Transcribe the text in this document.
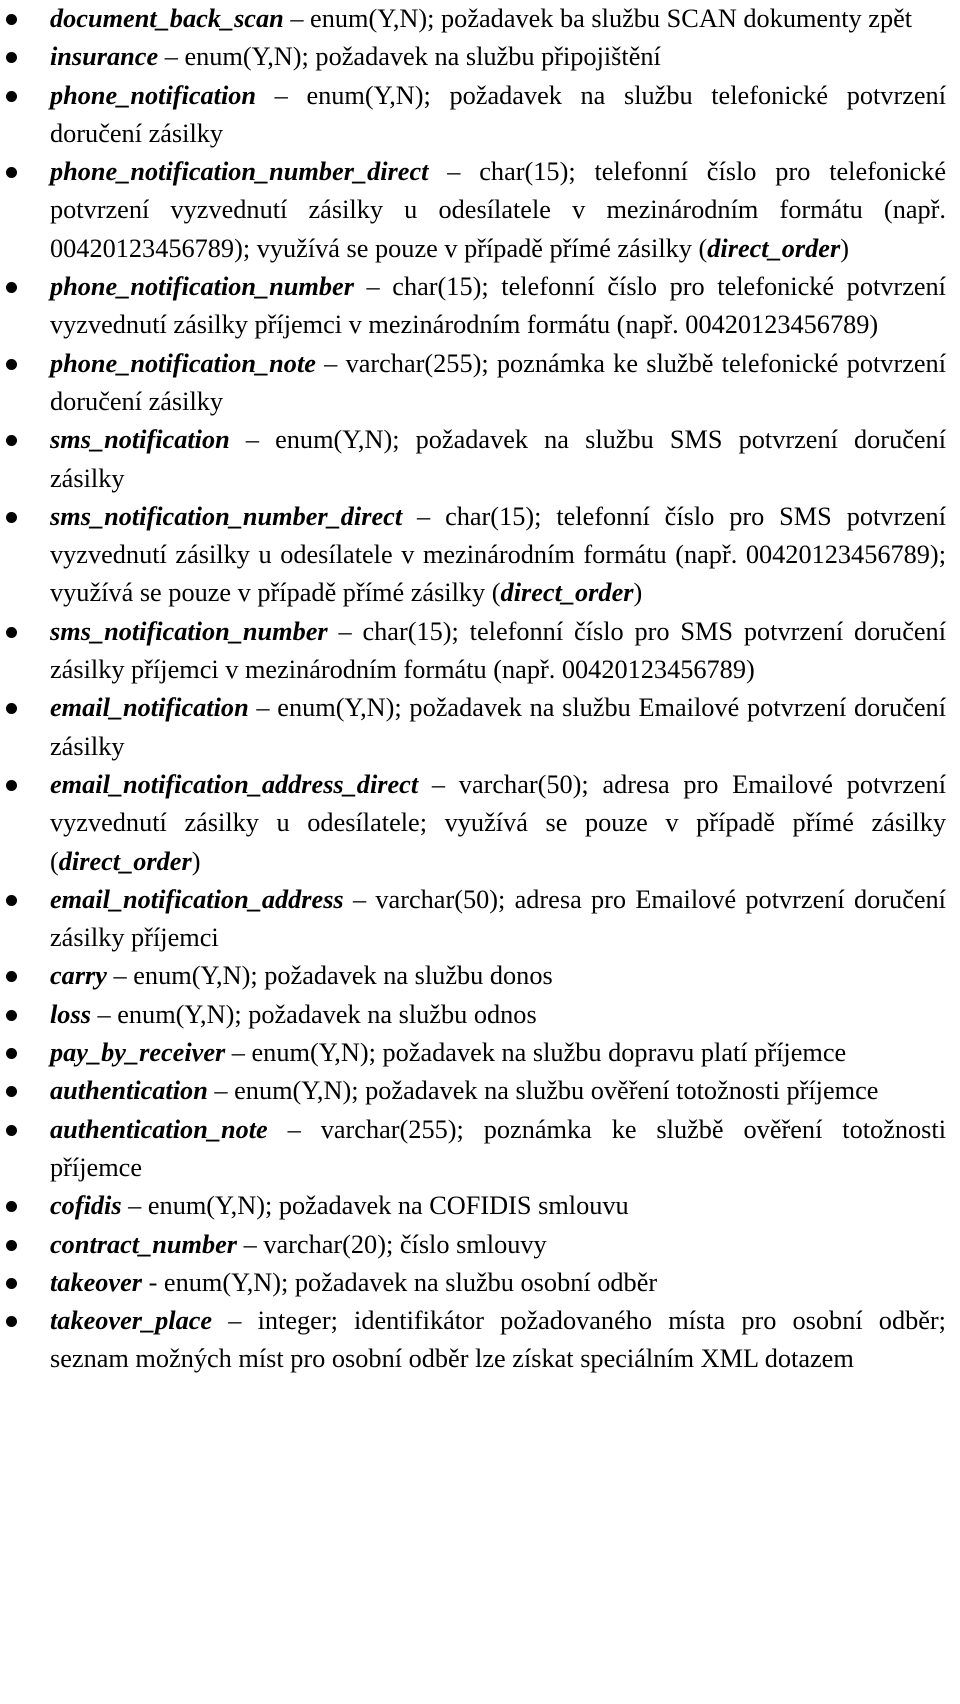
document_back_scan – enum(Y,N); požadavek ba službu SCAN dokumenty zpět
insurance – enum(Y,N); požadavek na službu připojištění
phone_notification – enum(Y,N); požadavek na službu telefonické potvrzení doručení zásilky
phone_notification_number_direct – char(15); telefonní číslo pro telefonické potvrzení vyzvednutí zásilky u odesílatele v mezinárodním formátu (např. 00420123456789); využívá se pouze v případě přímé zásilky (direct_order)
phone_notification_number – char(15); telefonní číslo pro telefonické potvrzení vyzvednutí zásilky příjemci v mezinárodním formátu (např. 00420123456789)
phone_notification_note – varchar(255); poznámka ke službě telefonické potvrzení doručení zásilky
sms_notification – enum(Y,N); požadavek na službu SMS potvrzení doručení zásilky
sms_notification_number_direct – char(15); telefonní číslo pro SMS potvrzení vyzvednutí zásilky u odesílatele v mezinárodním formátu (např. 00420123456789); využívá se pouze v případě přímé zásilky (direct_order)
sms_notification_number – char(15); telefonní číslo pro SMS potvrzení doručení zásilky příjemci v mezinárodním formátu (např. 00420123456789)
email_notification – enum(Y,N); požadavek na službu Emailové potvrzení doručení zásilky
email_notification_address_direct – varchar(50); adresa pro Emailové potvrzení vyzvednutí zásilky u odesílatele; využívá se pouze v případě přímé zásilky (direct_order)
email_notification_address – varchar(50); adresa pro Emailové potvrzení doručení zásilky příjemci
carry – enum(Y,N); požadavek na službu donos
loss – enum(Y,N); požadavek na službu odnos
pay_by_receiver – enum(Y,N); požadavek na službu dopravu platí příjemce
authentication – enum(Y,N); požadavek na službu ověření totožnosti příjemce
authentication_note – varchar(255); poznámka ke službě ověření totožnosti příjemce
cofidis – enum(Y,N); požadavek na COFIDIS smlouvu
contract_number – varchar(20); číslo smlouvy
takeover - enum(Y,N); požadavek na službu osobní odběr
takeover_place – integer; identifikátor požadovaného místa pro osobní odběr; seznam možných míst pro osobní odběr lze získat speciálním XML dotazem
